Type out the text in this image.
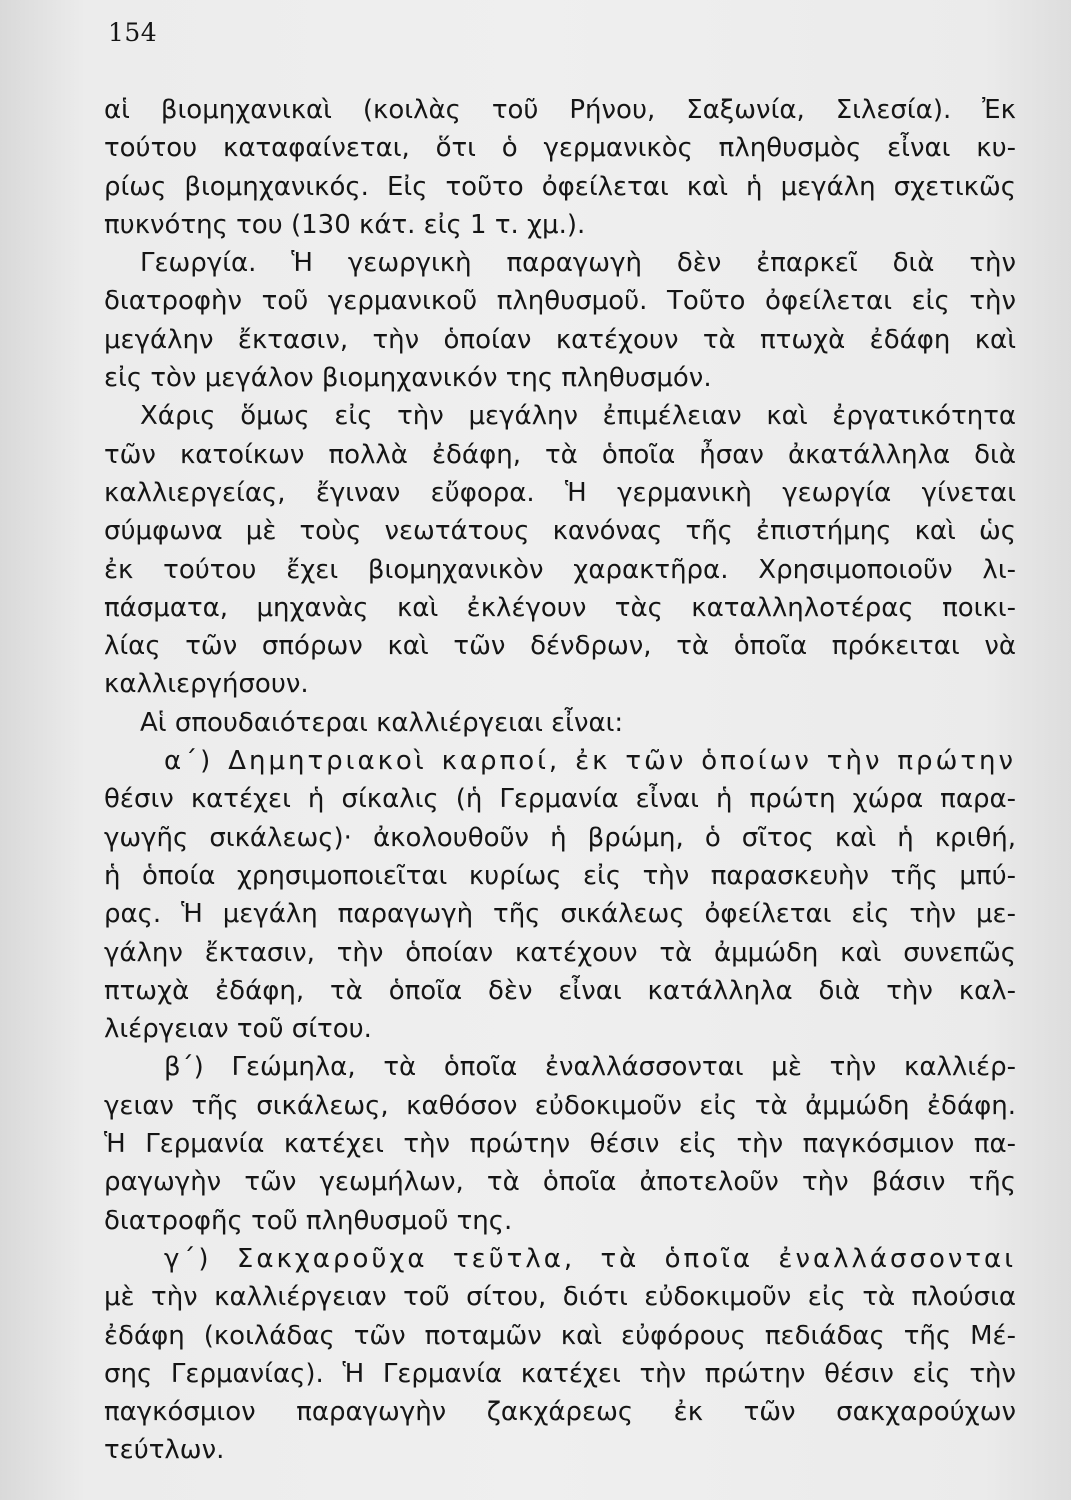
154
αἱ βιομηχανικαὶ (κοιλὰς τοῦ Ρήνου, Σαξωνία, Σιλεσία). Ἐκ
τούτου καταφαίνεται, ὅτι ὁ γερμανικὸς πληθυσμὸς εἶναι κυ-
ρίως βιομηχανικός. Εἰς τοῦτο ὀφείλεται καὶ ἡ μεγάλη σχετικῶς
πυκνότης του (130 κάτ. εἰς 1 τ. χμ.).
Γεωργία. Ἡ γεωργικὴ παραγωγὴ δὲν ἐπαρκεῖ διὰ τὴν
διατροφὴν τοῦ γερμανικοῦ πληθυσμοῦ. Τοῦτο ὀφείλεται εἰς τὴν
μεγάλην ἔκτασιν, τὴν ὁποίαν κατέχουν τὰ πτωχὰ ἐδάφη καὶ
εἰς τὸν μεγάλον βιομηχανικόν της πληθυσμόν.
Χάρις ὅμως εἰς τὴν μεγάλην ἐπιμέλειαν καὶ ἐργατικότητα
τῶν κατοίκων πολλὰ ἐδάφη, τὰ ὁποῖα ἦσαν ἀκατάλληλα διὰ
καλλιεργείας, ἔγιναν εὔφορα. Ἡ γερμανικὴ γεωργία γίνεται
σύμφωνα μὲ τοὺς νεωτάτους κανόνας τῆς ἐπιστήμης καὶ ὡς
ἐκ τούτου ἔχει βιομηχανικὸν χαρακτῆρα. Χρησιμοποιοῦν λι-
πάσματα, μηχανὰς καὶ ἐκλέγουν τὰς καταλληλοτέρας ποικι-
λίας τῶν σπόρων καὶ τῶν δένδρων, τὰ ὁποῖα πρόκειται νὰ
καλλιεργήσουν.
Αἱ σπουδαιότεραι καλλιέργειαι εἶναι:
α΄) Δημητριακοὶ καρποί, ἐκ τῶν ὁποίων τὴν πρώτην
θέσιν κατέχει ἡ σίκαλις (ἡ Γερμανία εἶναι ἡ πρώτη χώρα παρα-
γωγῆς σικάλεως)· ἀκολουθοῦν ἡ βρώμη, ὁ σῖτος καὶ ἡ κριθή,
ἡ ὁποία χρησιμοποιεῖται κυρίως εἰς τὴν παρασκευὴν τῆς μπύ-
ρας. Ἡ μεγάλη παραγωγὴ τῆς σικάλεως ὀφείλεται εἰς τὴν με-
γάλην ἔκτασιν, τὴν ὁποίαν κατέχουν τὰ ἀμμώδη καὶ συνεπῶς
πτωχὰ ἐδάφη, τὰ ὁποῖα δὲν εἶναι κατάλληλα διὰ τὴν καλ-
λιέργειαν τοῦ σίτου.
β΄) Γεώμηλα, τὰ ὁποῖα ἐναλλάσσονται μὲ τὴν καλλιέρ-
γειαν τῆς σικάλεως, καθόσον εὐδοκιμοῦν εἰς τὰ ἀμμώδη ἐδάφη.
Ἡ Γερμανία κατέχει τὴν πρώτην θέσιν εἰς τὴν παγκόσμιον πα-
ραγωγὴν τῶν γεωμήλων, τὰ ὁποῖα ἀποτελοῦν τὴν βάσιν τῆς
διατροφῆς τοῦ πληθυσμοῦ της.
γ΄) Σακχαροῦχα τεῦτλα, τὰ ὁποῖα ἐναλλάσσονται
μὲ τὴν καλλιέργειαν τοῦ σίτου, διότι εὐδοκιμοῦν εἰς τὰ πλούσια
ἐδάφη (κοιλάδας τῶν ποταμῶν καὶ εὐφόρους πεδιάδας τῆς Μέ-
σης Γερμανίας). Ἡ Γερμανία κατέχει τὴν πρώτην θέσιν εἰς τὴν
παγκόσμιον παραγωγὴν ζακχάρεως ἐκ τῶν σακχαρούχων
τεύτλων.
